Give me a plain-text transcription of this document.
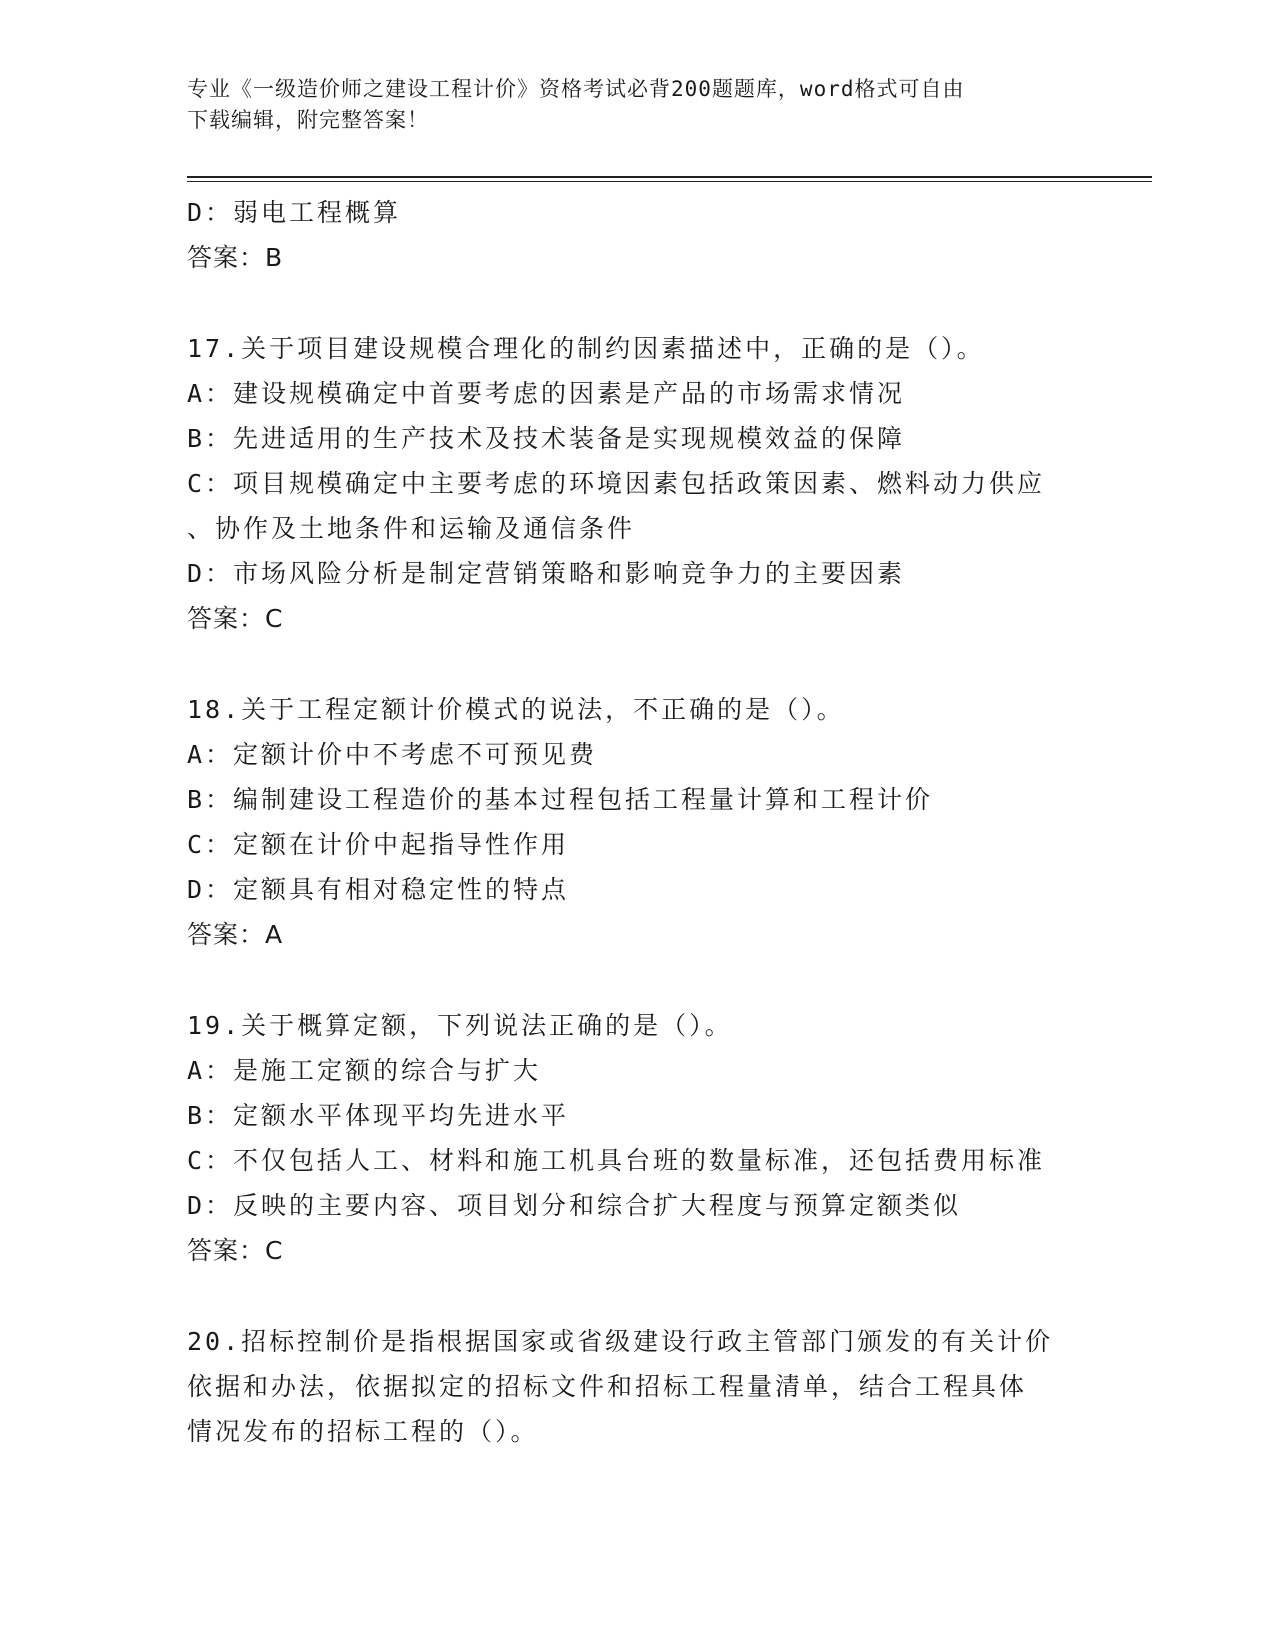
专业《一级造价师之建设工程计价》资格考试必背200题题库，word格式可自由
下载编辑，附完整答案！
D：弱电工程概算
答案：B
17.关于项目建设规模合理化的制约因素描述中，正确的是（）。
A：建设规模确定中首要考虑的因素是产品的市场需求情况
B：先进适用的生产技术及技术装备是实现规模效益的保障
C：项目规模确定中主要考虑的环境因素包括政策因素、燃料动力供应
、协作及土地条件和运输及通信条件
D：市场风险分析是制定营销策略和影响竞争力的主要因素
答案：C
18.关于工程定额计价模式的说法，不正确的是（）。
A：定额计价中不考虑不可预见费
B：编制建设工程造价的基本过程包括工程量计算和工程计价
C：定额在计价中起指导性作用
D：定额具有相对稳定性的特点
答案：A
19.关于概算定额，下列说法正确的是（）。
A：是施工定额的综合与扩大
B：定额水平体现平均先进水平
C：不仅包括人工、材料和施工机具台班的数量标准，还包括费用标准
D：反映的主要内容、项目划分和综合扩大程度与预算定额类似
答案：C
20.招标控制价是指根据国家或省级建设行政主管部门颁发的有关计价
依据和办法，依据拟定的招标文件和招标工程量清单，结合工程具体
情况发布的招标工程的（）。
